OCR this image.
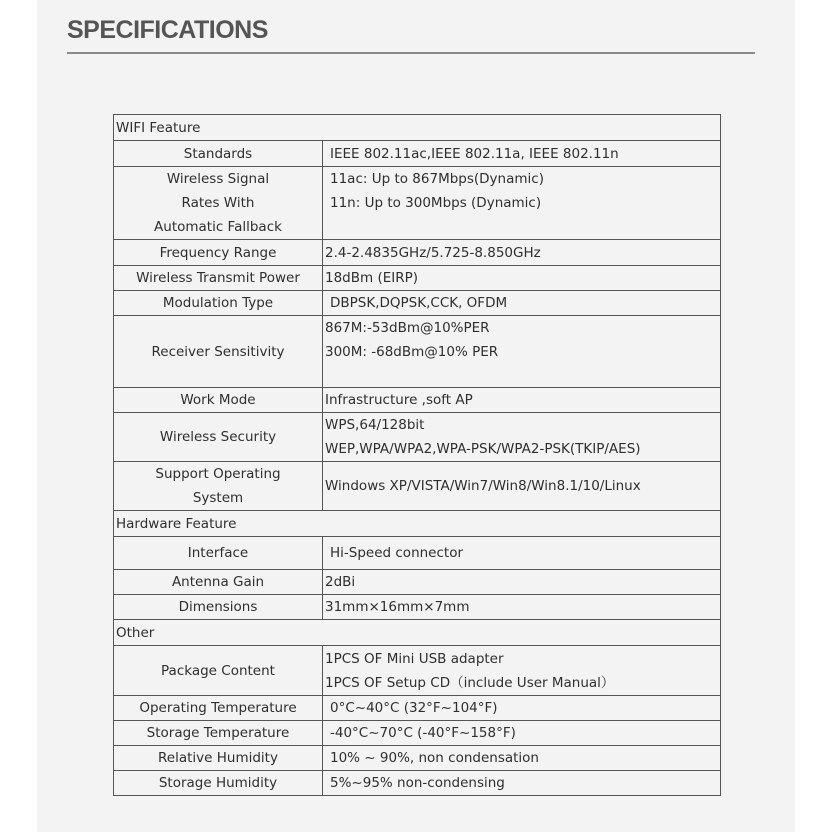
SPECIFICATIONS
WIFI Feature	
Standards	IEEE 802.11ac,IEEE 802.11a, IEEE 802.11n

Wireless Signal
Rates With
Automatic Fallback	11ac: Up to 867Mbps(Dynamic)
11n: Up to 300Mbps (Dynamic)

Frequency Range	2.4-2.4835GHz/5.725-8.850GHz
Wireless Transmit Power	18dBm (EIRP)
Modulation Type	DBPSK,DQPSK,CCK, OFDM
Receiver Sensitivity	867M:-53dBm@10%PER
300M: -68dBm@10% PER

Work Mode	Infrastructure ,soft AP
Wireless Security	WPS,64/128bit
WEP,WPA/WPA2,WPA-PSK/WPA2-PSK(TKIP/AES)

Support Operating
System	Windows XP/VISTA/Win7/Win8/Win8.1/10/Linux
Hardware Feature	
Interface	Hi-Speed connector
Antenna Gain	2dBi
Dimensions	31mm×16mm×7mm
Other	
Package Content	1PCS OF Mini USB adapter
1PCS OF Setup CD（include User Manual）

Operating Temperature	0°C~40°C (32°F~104°F)
Storage Temperature	-40°C~70°C (-40°F~158°F)
Relative Humidity	10% ~ 90%, non condensation
Storage Humidity	5%~95% non-condensing
